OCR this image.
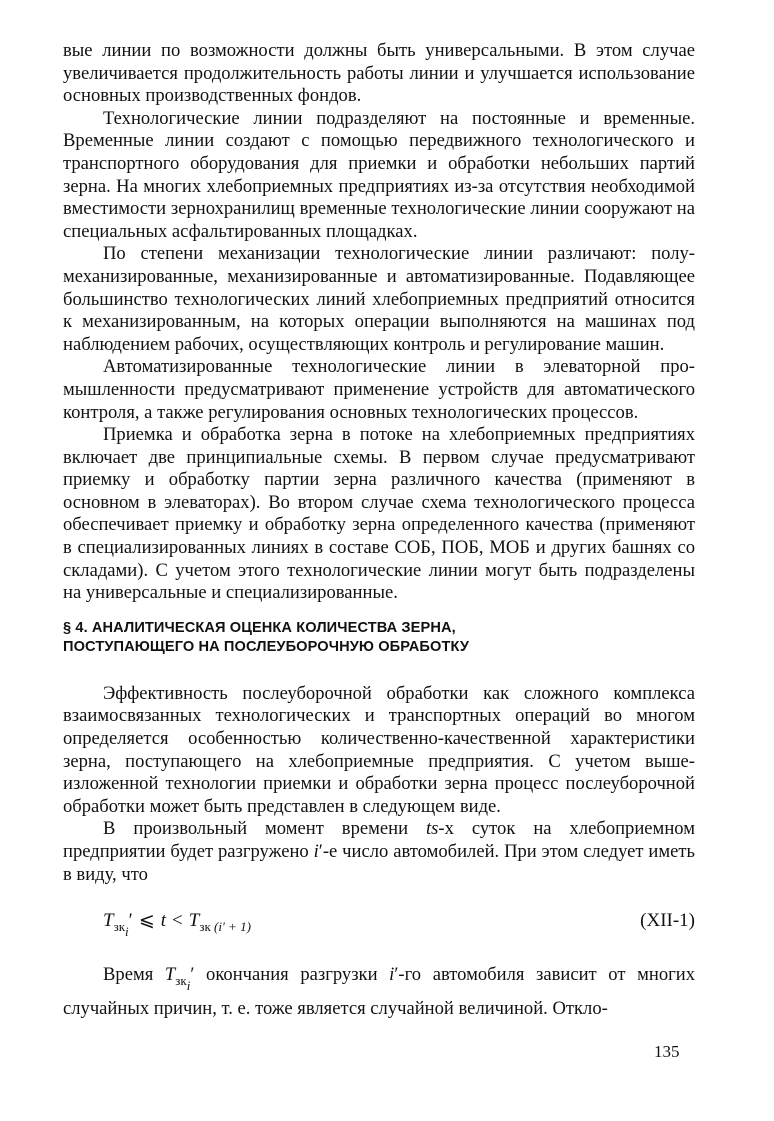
вые линии по возможности должны быть универсальными. В этом случае увеличивается продолжительность работы линии и улучшается использование основных производственных фондов.

Технологические линии подразделяют на постоянные и временные. Временные линии создают с помощью передвижного технологического и транспортного оборудования для приемки и обработки небольших партий зерна. На многих хлебоприемных предприятиях из-за отсутствия необходимой вместимости зернохранилищ временные технологические линии сооружают на специальных асфальтированных площадках.

По степени механизации технологические линии различают: полумеханизированные, механизированные и автоматизированные. Подавляющее большинство технологических линий хлебоприемных предприятий относится к механизированным, на которых операции выполняются на машинах под наблюдением рабочих, осуществляющих контроль и регулирование машин.

Автоматизированные технологические линии в элеваторной промышленности предусматривают применение устройств для автоматического контроля, а также регулирования основных технологических процессов.

Приемка и обработка зерна в потоке на хлебоприемных предприятиях включает две принципиальные схемы. В первом случае предусматривают приемку и обработку партии зерна различного качества (применяют в основном в элеваторах). Во втором случае схема технологического процесса обеспечивает приемку и обработку зерна определенного качества (применяют в специализированных линиях в составе СОБ, ПОБ, МОБ и других башнях со складами). С учетом этого технологические линии могут быть подразделены на универсальные и специализированные.

§ 4. АНАЛИТИЧЕСКАЯ ОЦЕНКА КОЛИЧЕСТВА ЗЕРНА,
ПОСТУПАЮЩЕГО НА ПОСЛЕУБОРОЧНУЮ ОБРАБОТКУ

Эффективность послеуборочной обработки как сложного комплекса взаимосвязанных технологических и транспортных операций во многом определяется особенностью количественно-качественной характеристики зерна, поступающего на хлебоприемные предприятия. С учетом вышеизложенной технологии приемки и обработки зерна процесс послеуборочной обработки может быть представлен в следующем виде.

В произвольный момент времени ts-х суток на хлебоприемном предприятии будет разгружено i′-е число автомобилей. При этом следует иметь в виду, что

$T_{зк_i}'$ ⩽ $t < T_{зк (i' + 1)}$	(XII-1)

Время $T_{зк_i}'$ окончания разгрузки i′-го автомобиля зависит от многих случайных причин, т. е. тоже является случайной величиной. Откло-

135
